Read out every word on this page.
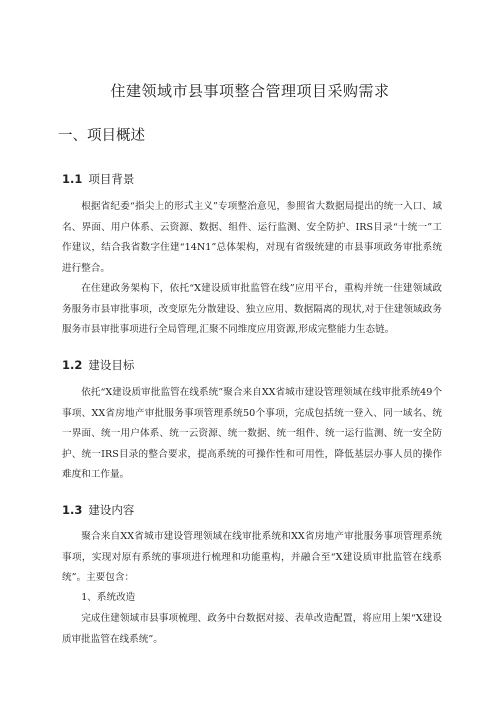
住建领域市县事项整合管理项目采购需求
一、项目概述
1.1 项目背景

根据省纪委“指尖上的形式主义”专项整治意见，参照省大数据局提出的统一入口、域名、界面、用户体系、云资源、数据、组件、运行监测、安全防护、IRS目录“十统一”工作建议，结合我省数字住建“14N1”总体架构，对现有省级统建的市县事项政务审批系统进行整合。

在住建政务架构下，依托“X建设质审批监管在线”应用平台，重构并统一住建领域政务服务市县审批事项，改变原先分散建设、独立应用、数据隔离的现状,对于住建领域政务服务市县审批事项进行全局管理,汇聚不同维度应用资源,形成完整能力生态链。

1.2 建设目标

依托“X建设质审批监管在线系统”聚合来自XX省城市建设管理领域在线审批系统49个事项、XX省房地产审批服务事项管理系统50个事项，完成包括统一登入、同一域名、统一界面、统一用户体系、统一云资源、统一数据、统一组件、统一运行监测、统一安全防护、统一IRS目录的整合要求，提高系统的可操作性和可用性，降低基层办事人员的操作难度和工作量。

1.3 建设内容

聚合来自XX省城市建设管理领域在线审批系统和XX省房地产审批服务事项管理系统事项，实现对原有系统的事项进行梳理和功能重构，并融合至“X建设质审批监管在线系统”。主要包含：

1、系统改造

完成住建领域市县事项梳理、政务中台数据对接、表单改造配置，将应用上架“X建设质审批监管在线系统”。
